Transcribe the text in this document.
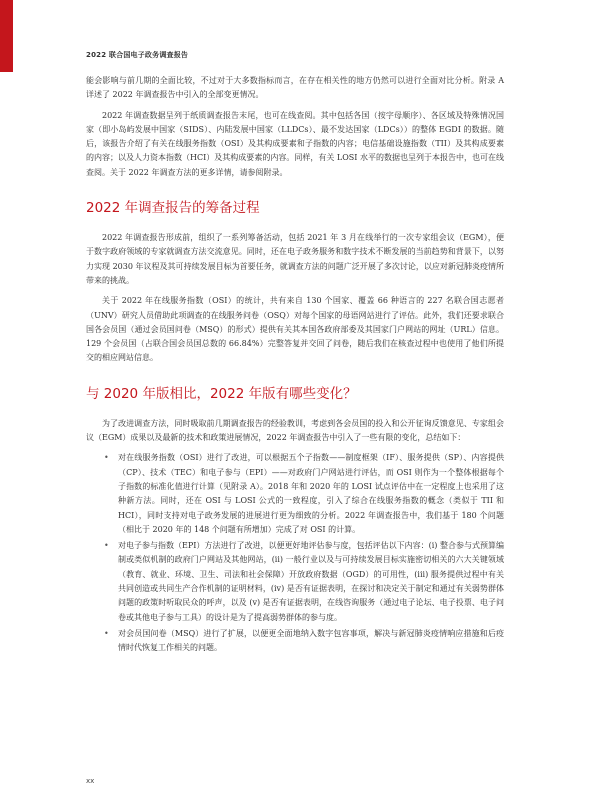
2022 联合国电子政务调查报告

能会影响与前几期的全面比较，不过对于大多数指标而言，在存在相关性的地方仍然可以进行全面对比分析。附录 A 详述了 2022 年调查报告中引入的全部变更情况。

2022 年调查数据呈列于纸质调查报告末尾，也可在线查阅。其中包括各国（按字母顺序）、各区域及特殊情况国家（即小岛屿发展中国家（SIDS）、内陆发展中国家（LLDCs）、最不发达国家（LDCs））的整体 EGDI 的数据。随后，该报告介绍了有关在线服务指数（OSI）及其构成要素和子指数的内容；电信基础设施指数（TII）及其构成要素的内容；以及人力资本指数（HCI）及其构成要素的内容。同样，有关 LOSI 水平的数据也呈列于本报告中，也可在线查阅。关于 2022 年调查方法的更多详情，请参阅附录。

2022 年调查报告的筹备过程

2022 年调查报告形成前，组织了一系列筹备活动，包括 2021 年 3 月在线举行的一次专家组会议（EGM），便于数字政府领域的专家就调查方法交流意见。同时，还在电子政务服务和数字技术不断发展的当前趋势和背景下，以努力实现 2030 年议程及其可持续发展目标为首要任务，就调查方法的问题广泛开展了多次讨论，以应对新冠肺炎疫情所带来的挑战。

关于 2022 年在线服务指数（OSI）的统计，共有来自 130 个国家、覆盖 66 种语言的 227 名联合国志愿者（UNV）研究人员借助此项调查的在线服务问卷（OSQ）对每个国家的母语网站进行了评估。此外，我们还要求联合国各会员国（通过会员国问卷（MSQ）的形式）提供有关其本国各政府部委及其国家门户网站的网址（URL）信息。129 个会员国（占联合国会员国总数的 66.84%）完整答复并交回了问卷，随后我们在核查过程中也使用了他们所提交的相应网站信息。

与 2020 年版相比，2022 年版有哪些变化？

为了改进调查方法，同时吸取前几期调查报告的经验教训，考虑到各会员国的投入和公开征询反馈意见、专家组会议（EGM）成果以及最新的技术和政策进展情况，2022 年调查报告中引入了一些有限的变化，总结如下：

• 对在线服务指数（OSI）进行了改进，可以根据五个子指数——制度框架（IF）、服务提供（SP）、内容提供（CP）、技术（TEC）和电子参与（EPI）——对政府门户网站进行评估，而 OSI 则作为一个整体根据每个子指数的标准化值进行计算（见附录 A）。2018 年和 2020 年的 LOSI 试点评估中在一定程度上也采用了这种新方法。同时，还在 OSI 与 LOSI 公式的一致程度，引入了综合在线服务指数的概念（类似于 TII 和 HCI），同时支持对电子政务发展的进展进行更为细致的分析。2022 年调查报告中，我们基于 180 个问题（相比于 2020 年的 148 个问题有所增加）完成了对 OSI 的计算。
• 对电子参与指数（EPI）方法进行了改进，以便更好地评估参与度，包括评估以下内容：(i) 整合参与式预算编制或类似机制的政府门户网站及其他网站，(ii) 一般行业以及与可持续发展目标实施密切相关的六大关键领域（教育、就业、环境、卫生、司法和社会保障）开放政府数据（OGD）的可用性，(iii) 服务提供过程中有关共同创造或共同生产合作机制的证明材料，(iv) 是否有证据表明，在探讨和决定关于制定和通过有关弱势群体问题的政策时听取民众的呼声，以及 (v) 是否有证据表明，在线咨询服务（通过电子论坛、电子投票、电子问卷或其他电子参与工具）的设计是为了提高弱势群体的参与度。
• 对会员国问卷（MSQ）进行了扩展，以便更全面地纳入数字包容事项，解决与新冠肺炎疫情响应措施和后疫情时代恢复工作相关的问题。
xx
